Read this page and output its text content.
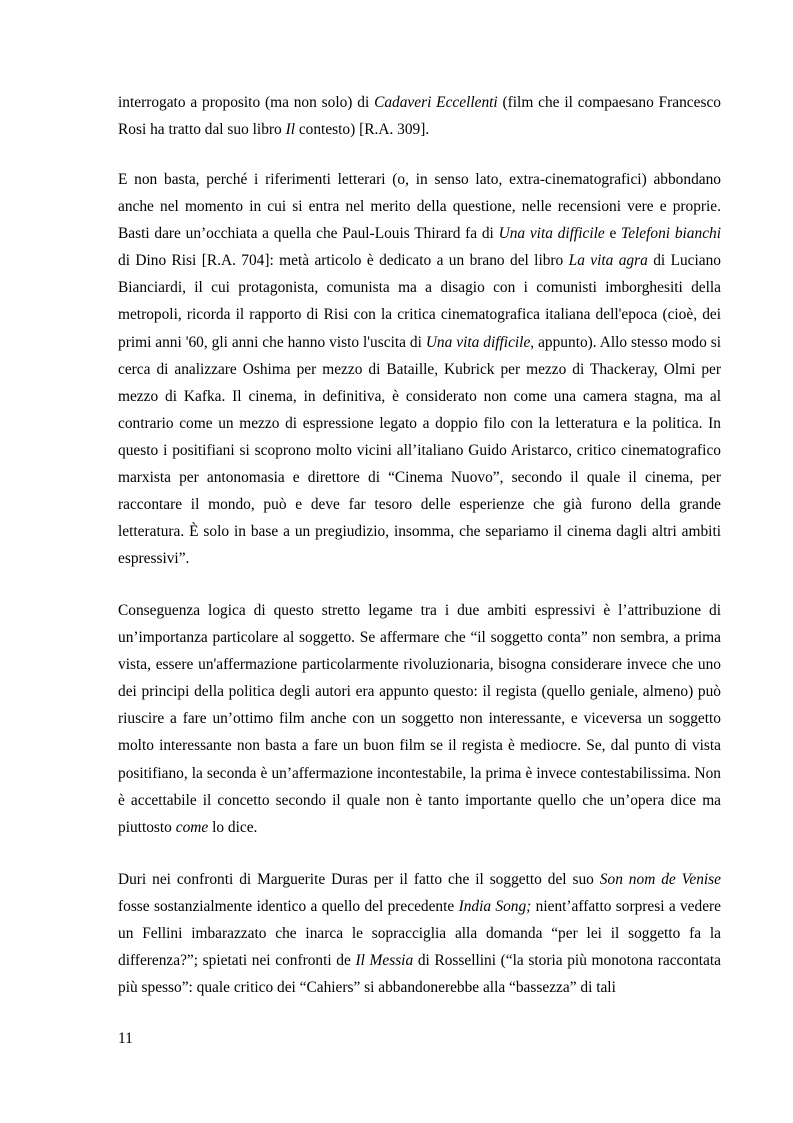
interrogato a proposito (ma non solo) di Cadaveri Eccellenti (film che il compaesano Francesco Rosi ha tratto dal suo libro Il contesto) [R.A. 309].

E non basta, perché i riferimenti letterari (o, in senso lato, extra-cinematografici) abbondano anche nel momento in cui si entra nel merito della questione, nelle recensioni vere e proprie. Basti dare un’occhiata a quella che Paul-Louis Thirard fa di Una vita difficile e Telefoni bianchi di Dino Risi [R.A. 704]: metà articolo è dedicato a un brano del libro La vita agra di Luciano Bianciardi, il cui protagonista, comunista ma a disagio con i comunisti imborghesiti della metropoli, ricorda il rapporto di Risi con la critica cinematografica italiana dell'epoca (cioè, dei primi anni '60, gli anni che hanno visto l'uscita di Una vita difficile, appunto). Allo stesso modo si cerca di analizzare Oshima per mezzo di Bataille, Kubrick per mezzo di Thackeray, Olmi per mezzo di Kafka. Il cinema, in definitiva, è considerato non come una camera stagna, ma al contrario come un mezzo di espressione legato a doppio filo con la letteratura e la politica. In questo i positifiani si scoprono molto vicini all’italiano Guido Aristarco, critico cinematografico marxista per antonomasia e direttore di “Cinema Nuovo”, secondo il quale il cinema, per raccontare il mondo, può e deve far tesoro delle esperienze che già furono della grande letteratura. È solo in base a un pregiudizio, insomma, che separiamo il cinema dagli altri ambiti espressivi”.

Conseguenza logica di questo stretto legame tra i due ambiti espressivi è l’attribuzione di un’importanza particolare al soggetto. Se affermare che “il soggetto conta” non sembra, a prima vista, essere un'affermazione particolarmente rivoluzionaria, bisogna considerare invece che uno dei principi della politica degli autori era appunto questo: il regista (quello geniale, almeno) può riuscire a fare un’ottimo film anche con un soggetto non interessante, e viceversa un soggetto molto interessante non basta a fare un buon film se il regista è mediocre. Se, dal punto di vista positifiano, la seconda è un’affermazione incontestabile, la prima è invece contestabilissima. Non è accettabile il concetto secondo il quale non è tanto importante quello che un’opera dice ma piuttosto come lo dice.

Duri nei confronti di Marguerite Duras per il fatto che il soggetto del suo Son nom de Venise fosse sostanzialmente identico a quello del precedente India Song; nient’affatto sorpresi a vedere un Fellini imbarazzato che inarca le sopracciglia alla domanda “per lei il soggetto fa la differenza?”; spietati nei confronti de Il Messia di Rossellini (“la storia più monotona raccontata più spesso”: quale critico dei “Cahiers” si abbandonerebbe alla “bassezza” di tali

11
